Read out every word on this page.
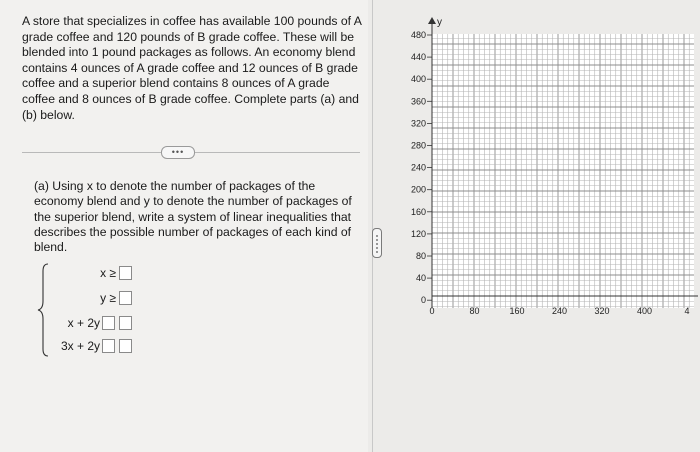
A store that specializes in coffee has available 100 pounds of A grade coffee and 120 pounds of B grade coffee. These will be blended into 1 pound packages as follows. An economy blend contains 4 ounces of A grade coffee and 12 ounces of B grade coffee and a superior blend contains 8 ounces of A grade coffee and 8 ounces of B grade coffee. Complete parts (a) and (b) below.

•••

(a) Using x to denote the number of packages of the economy blend and y to denote the number of packages of the superior blend, write a system of linear inequalities that describes the possible number of packages of each kind of blend.

x ≥
y ≥
x + 2y
3x + 2y
480
440
400
360
320
280
240
200
160
120
80
40
0
0	80	160	240	320	400	4
y
